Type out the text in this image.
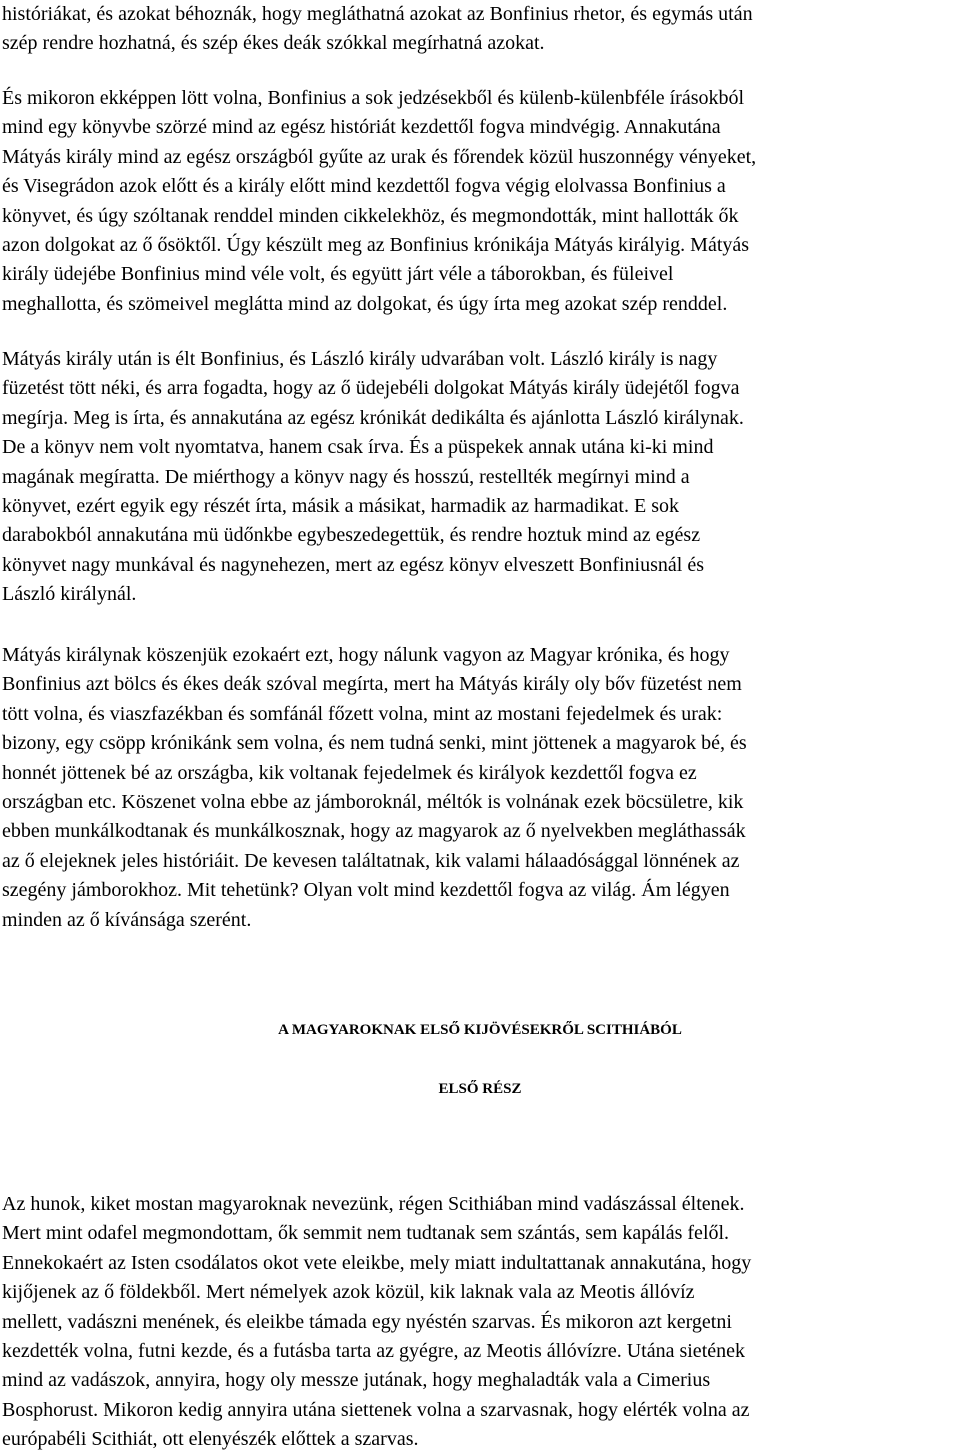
históriákat, és azokat béhoznák, hogy megláthatná azokat az Bonfinius rhetor, és egymás után
szép rendre hozhatná, és szép ékes deák szókkal megírhatná azokat.
És mikoron ekképpen lött volna, Bonfinius a sok jedzésekből és külenb-külenbféle írásokból
mind egy könyvbe szörzé mind az egész históriát kezdettől fogva mindvégig. Annakutána
Mátyás király mind az egész országból gyűte az urak és főrendek közül huszonnégy vényeket,
és Visegrádon azok előtt és a király előtt mind kezdettől fogva végig elolvassa Bonfinius a
könyvet, és úgy szóltanak renddel minden cikkelekhöz, és megmondották, mint hallották ők
azon dolgokat az ő ősöktől. Úgy készült meg az Bonfinius krónikája Mátyás királyig. Mátyás
király üdejébe Bonfinius mind véle volt, és együtt járt véle a táborokban, és füleivel
meghallotta, és szömeivel meglátta mind az dolgokat, és úgy írta meg azokat szép renddel.
Mátyás király után is élt Bonfinius, és László király udvarában volt. László király is nagy
füzetést tött néki, és arra fogadta, hogy az ő üdejebéli dolgokat Mátyás király üdejétől fogva
megírja. Meg is írta, és annakutána az egész krónikát dedikálta és ajánlotta László királynak.
De a könyv nem volt nyomtatva, hanem csak írva. És a püspekek annak utána ki-ki mind
magának megíratta. De miérthogy a könyv nagy és hosszú, restellték megírnyi mind a
könyvet, ezért egyik egy részét írta, másik a másikat, harmadik az harmadikat. E sok
darabokból annakutána mü üdőnkbe egybeszedegettük, és rendre hoztuk mind az egész
könyvet nagy munkával és nagynehezen, mert az egész könyv elveszett Bonfiniusnál és
László királynál.
Mátyás királynak köszenjük ezokaért ezt, hogy nálunk vagyon az Magyar krónika, és hogy
Bonfinius azt bölcs és ékes deák szóval megírta, mert ha Mátyás király oly bőv füzetést nem
tött volna, és viaszfazékban és somfánál főzett volna, mint az mostani fejedelmek és urak:
bizony, egy csöpp krónikánk sem volna, és nem tudná senki, mint jöttenek a magyarok bé, és
honnét jöttenek bé az országba, kik voltanak fejedelmek és királyok kezdettől fogva ez
országban etc. Köszenet volna ebbe az jámboroknál, méltók is volnának ezek böcsületre, kik
ebben munkálkodtanak és munkálkosznak, hogy az magyarok az ő nyelvekben megláthassák
az ő elejeknek jeles históriáit. De kevesen találtatnak, kik valami hálaadósággal lönnének az
szegény jámborokhoz. Mit tehetünk? Olyan volt mind kezdettől fogva az világ. Ám légyen
minden az ő kívánsága szerént.
A MAGYAROKNAK ELSŐ KIJÖVÉSEKRŐL SCITHIÁBÓL
ELSŐ RÉSZ
Az hunok, kiket mostan magyaroknak nevezünk, régen Scithiában mind vadászással éltenek.
Mert mint odafel megmondottam, ők semmit nem tudtanak sem szántás, sem kapálás felől.
Ennekokaért az Isten csodálatos okot vete eleikbe, mely miatt indultattanak annakutána, hogy
kijőjenek az ő földekből. Mert némelyek azok közül, kik laknak vala az Meotis állóvíz
mellett, vadászni menének, és eleikbe támada egy nyéstén szarvas. És mikoron azt kergetni
kezdették volna, futni kezde, és a futásba tarta az gyégre, az Meotis állóvízre. Utána sietének
mind az vadászok, annyira, hogy oly messze jutának, hogy meghaladták vala a Cimerius
Bosphorust. Mikoron kedig annyira utána siettenek volna a szarvasnak, hogy elérték volna az
európabéli Scithiát, ott elenyészék előttek a szarvas.
